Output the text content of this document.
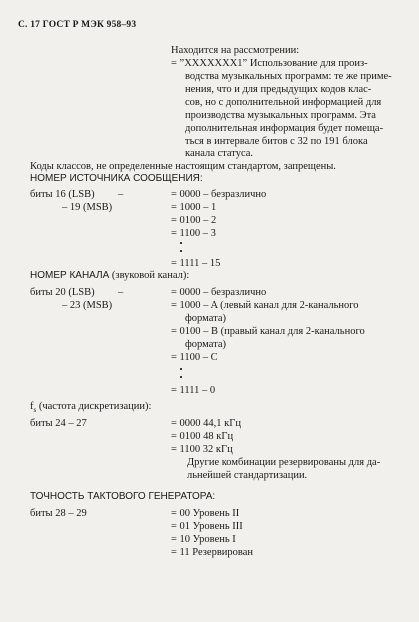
С. 17 ГОСТ Р МЭК 958–93
Находится на рассмотрении:
= ”XXXXXXX1” Использование для произ-
водства музыкальных программ: те же приме-
нения, что и для предыдущих кодов клас-
сов, но с дополнительной информацией для
производства музыкальных программ. Эта
дополнительная информация будет помеща-
ться в интервале битов с 32 по 191 блока
канала статуса.
Коды классов, не определенные настоящим стандартом, запрещены.
НОМЕР ИСТОЧНИКА СООБЩЕНИЯ:
биты 16 (LSB) –
– 19 (MSB)
= 0000 – безразлично
= 1000 – 1
= 0100 – 2
= 1100 – 3
= 1111 – 15
НОМЕР КАНАЛА (звуковой канал):
биты 20 (LSB) –
– 23 (MSB)
= 0000 – безразлично
= 1000 – A (левый канал для 2-канального
формата)
= 0100 – B (правый канал для 2-канального
формата)
= 1100 – C
= 1111 – 0
$f_s$ (частота дискретизации):
биты 24 – 27	= 0000 44,1 кГц
= 0100 48 кГц
= 1100 32 кГц
Другие комбинации резервированы для да-
льнейшей стандартизации.
ТОЧНОСТЬ ТАКТОВОГО ГЕНЕРАТОРА:
биты 28 – 29	= 00 Уровень II
= 01 Уровень III
= 10 Уровень I
= 11 Резервирован
